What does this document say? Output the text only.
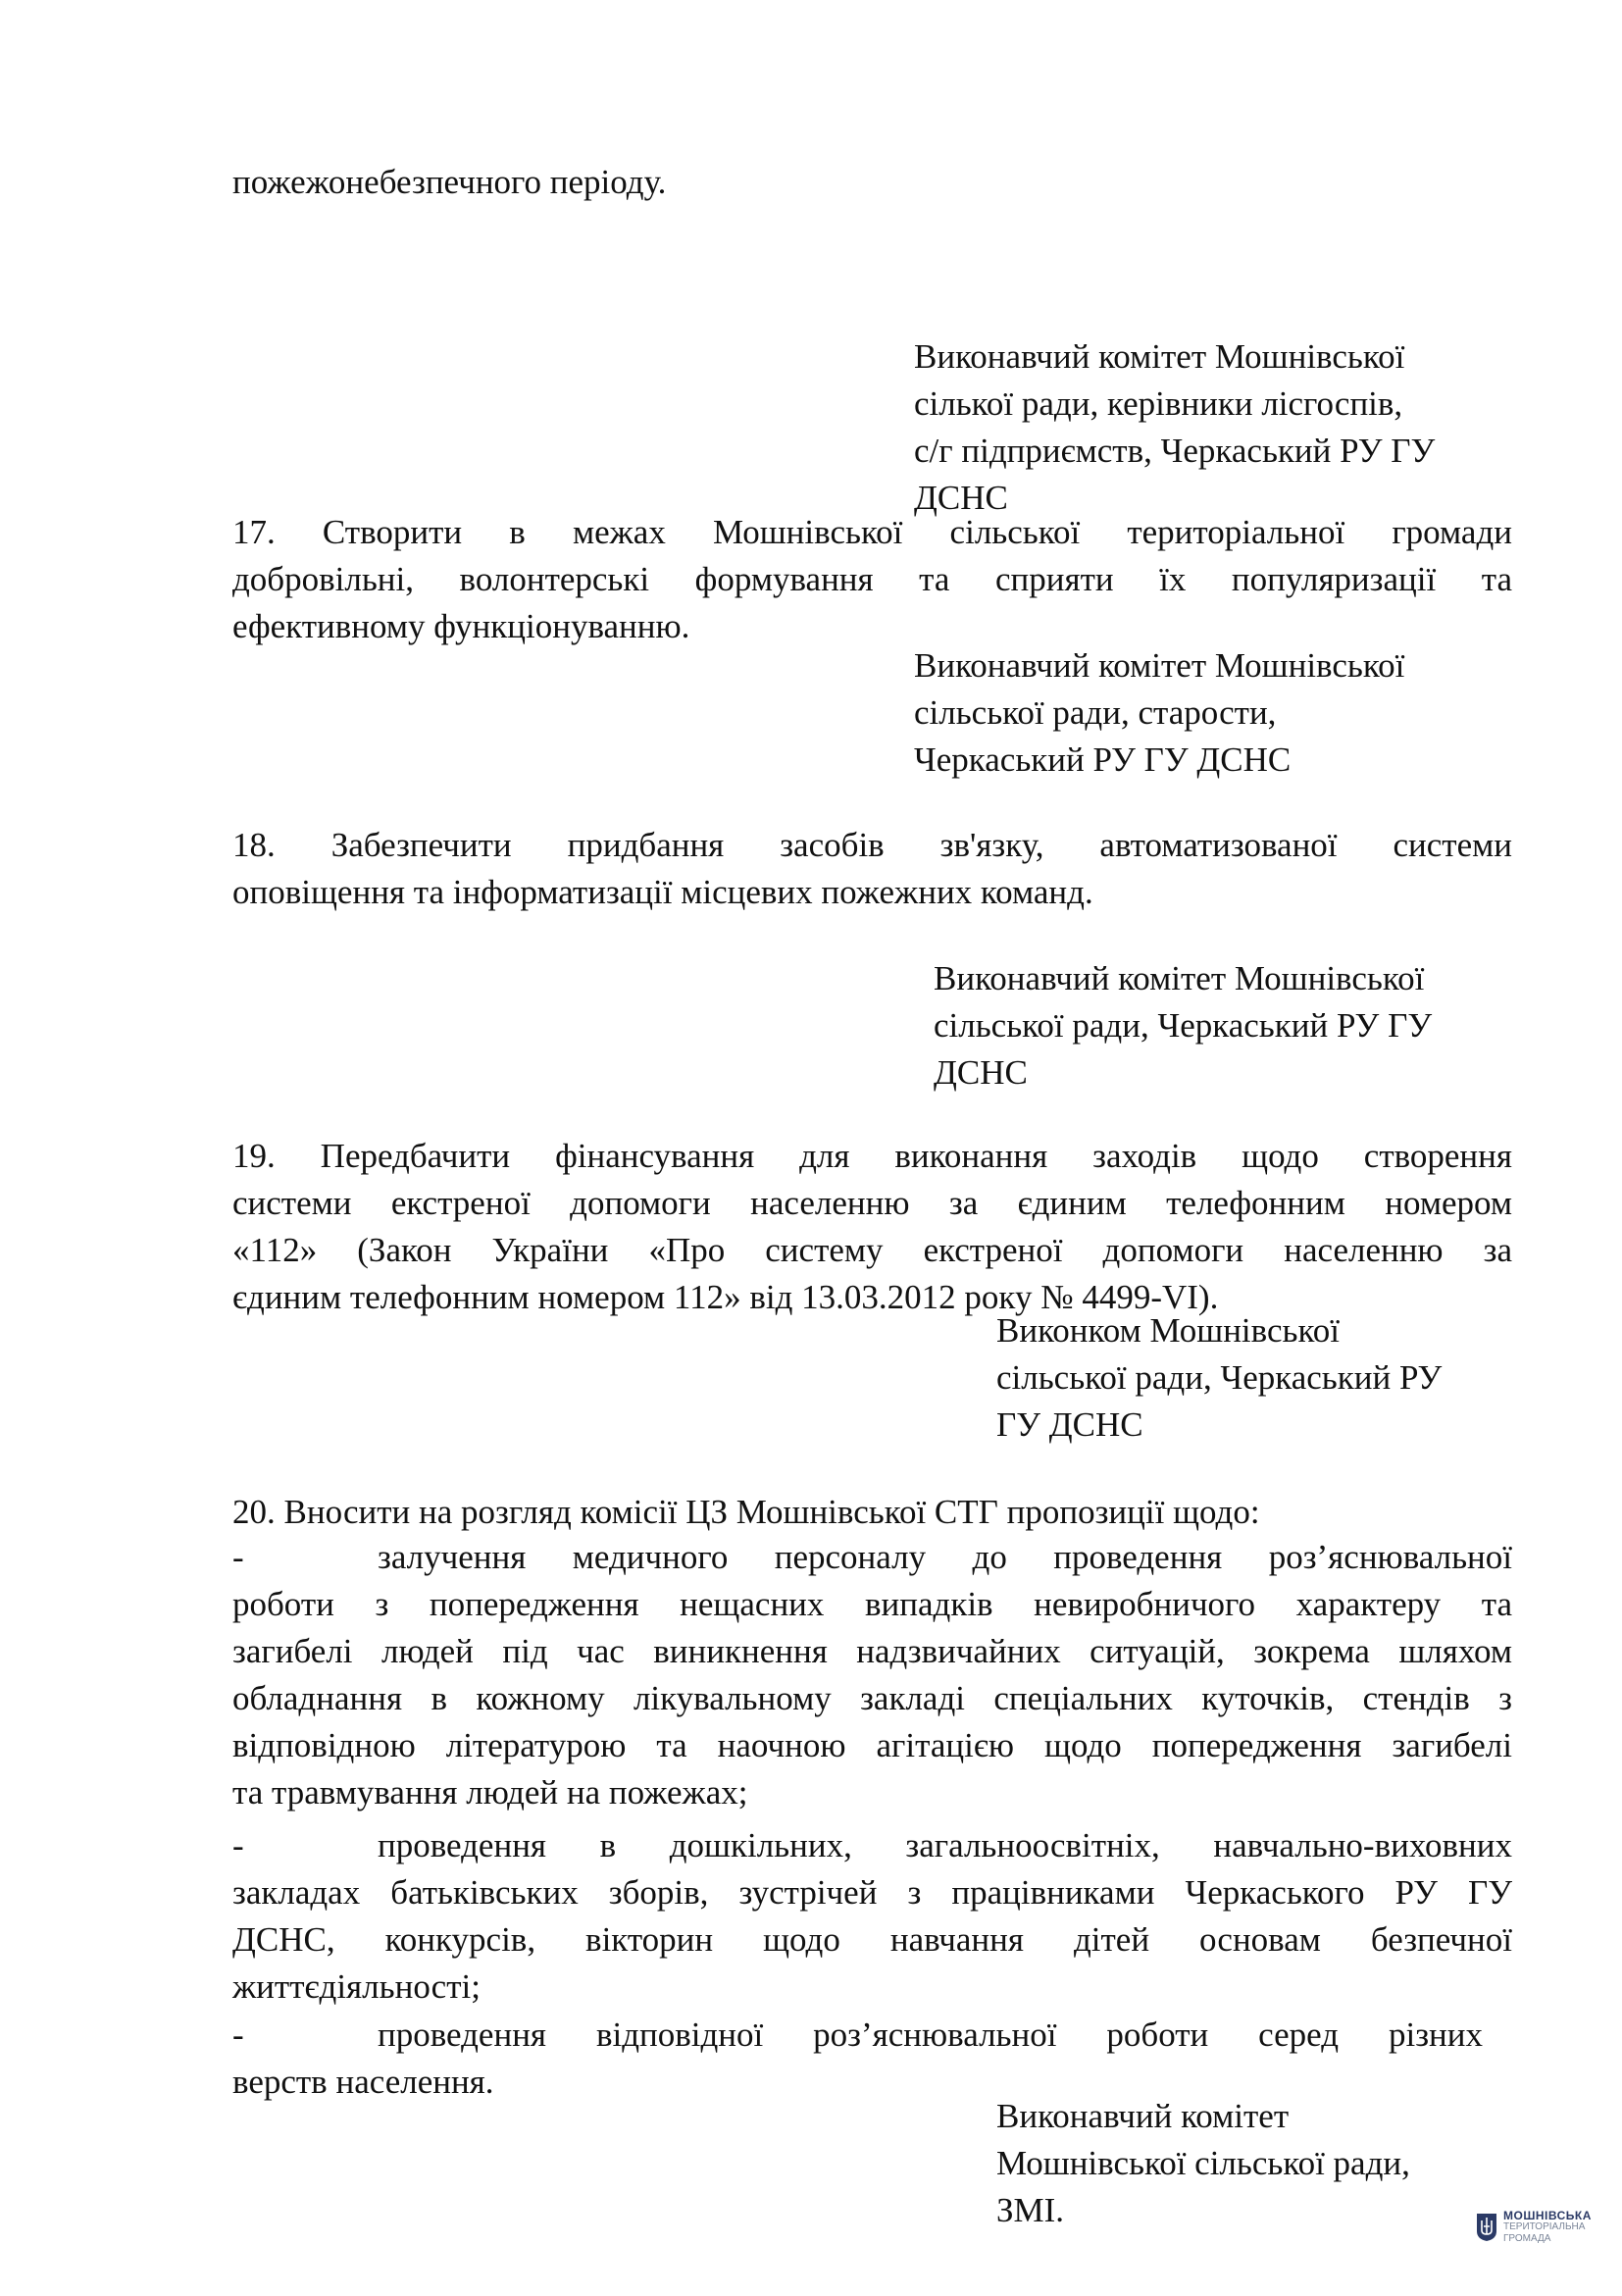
пожежонебезпечного періоду.

Виконавчий комітет Мошнівської
сілької ради, керівники лісгоспів,
с/г підприємств, Черкаський РУ ГУ
ДСНС
17. Створити в межах Мошнівської сільської територіальної громади
добровільні, волонтерські формування та сприяти їх популяризації та
ефективному функціонуванню.
Виконавчий комітет Мошнівської
сільської ради, старости,
Черкаський РУ ГУ ДСНС
18. Забезпечити придбання засобів зв'язку, автоматизованої системи
оповіщення та інформатизації місцевих пожежних команд.
Виконавчий комітет Мошнівської
сільської ради, Черкаський РУ ГУ
ДСНС
19. Передбачити фінансування для виконання заходів щодо створення
системи екстреної допомоги населенню за єдиним телефонним номером
«112» (Закон України «Про систему екстреної допомоги населенню за
єдиним телефонним номером 112» від 13.03.2012 року № 4499-VI).
Виконком Мошнівської
сільської ради, Черкаський РУ
ГУ ДСНС

20. Вносити на розгляд комісії ЦЗ Мошнівської СТГ пропозиції щодо:

-	залучення медичного персоналу до проведення роз’яснювальної
роботи з попередження нещасних випадків невиробничого характеру та
загибелі людей під час виникнення надзвичайних ситуацій, зокрема шляхом
обладнання в кожному лікувальному закладі спеціальних куточків, стендів з
відповідною літературою та наочною агітацією щодо попередження загибелі
та травмування людей на пожежах;
-	проведення в дошкільних, загальноосвітніх, навчально-виховних
закладах батьківських зборів, зустрічей з працівниками Черкаського РУ ГУ
ДСНС, конкурсів, вікторин щодо навчання дітей основам безпечної
життєдіяльності;
-	проведення відповідної роз’яснювальної роботи серед різних
верств населення.
Виконавчий комітет
Мошнівської сільської ради,
ЗМІ.	МОШНІВСЬКА
ТЕРИТОРІАЛЬНА
ГРОМАДА
